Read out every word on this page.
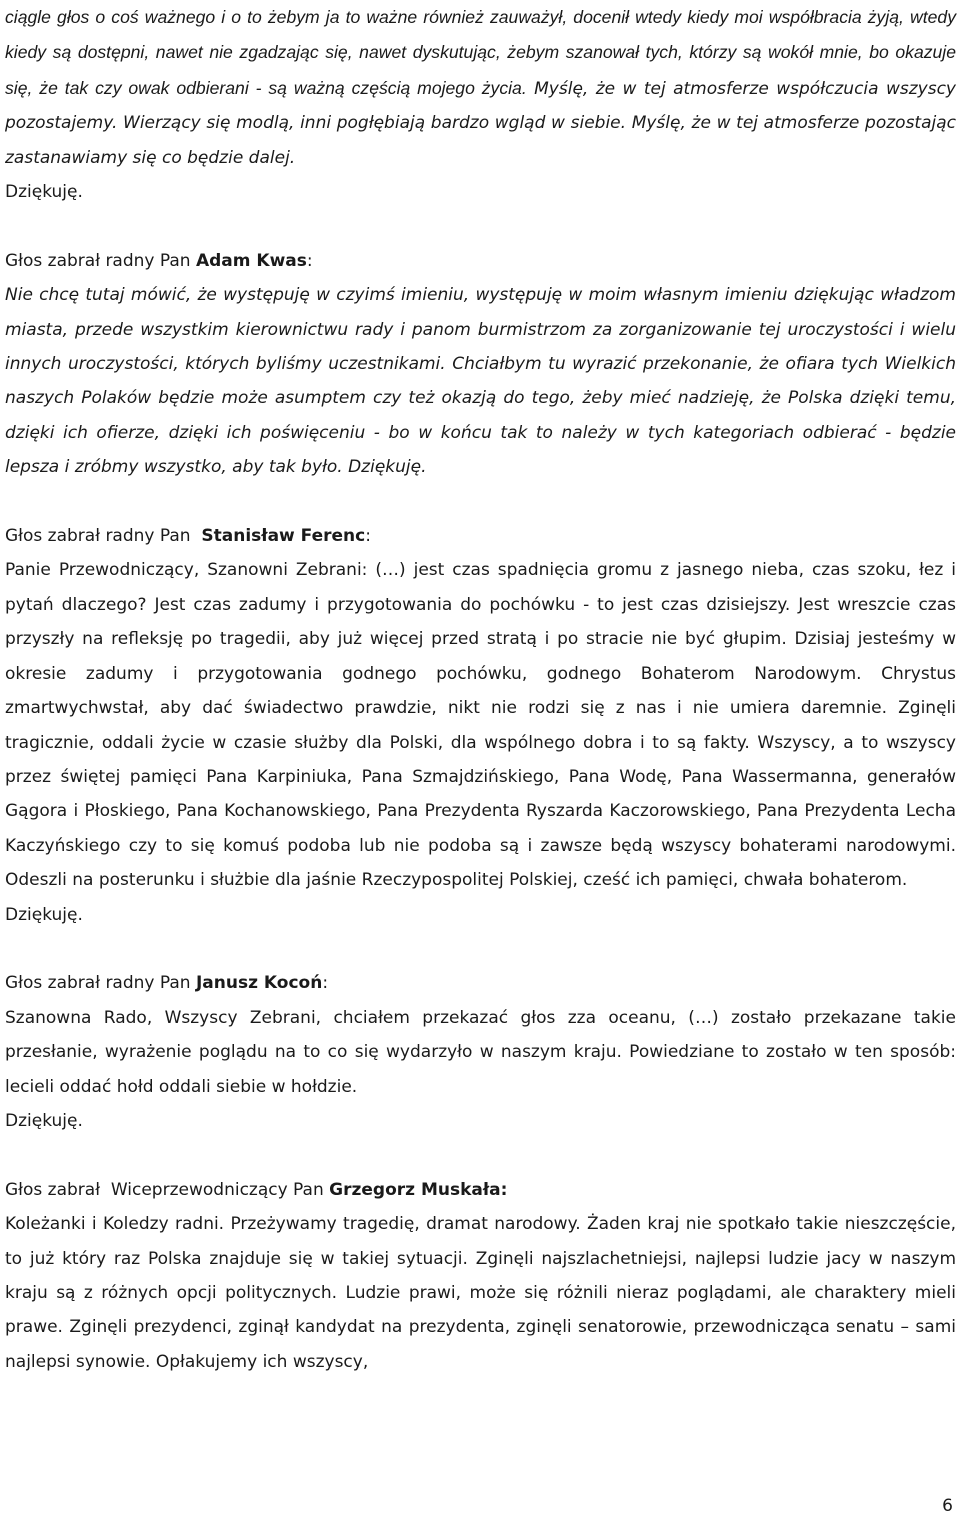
ciągle głos o coś ważnego i o to żebym ja to ważne również zauważył, docenił wtedy kiedy moi współbracia żyją, wtedy kiedy są dostępni, nawet nie zgadzając się, nawet dyskutując, żebym szanował tych, którzy są wokół mnie, bo okazuje się, że tak czy owak odbierani - są ważną częścią mojego życia. Myślę, że w tej atmosferze współczucia wszyscy pozostajemy. Wierzący się modlą, inni pogłębiają bardzo wgląd w siebie. Myślę, że w tej atmosferze pozostając zastanawiamy się co będzie dalej.

Dziękuję.

Głos zabrał radny Pan Adam Kwas:

Nie chcę tutaj mówić, że występuję w czyimś imieniu, występuję w moim własnym imieniu dziękując władzom miasta, przede wszystkim kierownictwu rady i panom burmistrzom za zorganizowanie tej uroczystości i wielu innych uroczystości, których byliśmy uczestnikami. Chciałbym tu wyrazić przekonanie, że ofiara tych Wielkich naszych Polaków będzie może asumptem czy też okazją do tego, żeby mieć nadzieję, że Polska dzięki temu, dzięki ich ofierze, dzięki ich poświęceniu - bo w końcu tak to należy w tych kategoriach odbierać - będzie lepsza i zróbmy wszystko, aby tak było. Dziękuję.

Głos zabrał radny Pan  Stanisław Ferenc:

Panie Przewodniczący, Szanowni Zebrani: (…) jest czas spadnięcia gromu z jasnego nieba, czas szoku, łez i pytań dlaczego? Jest czas zadumy i przygotowania do pochówku - to jest czas dzisiejszy. Jest wreszcie czas przyszły na refleksję po tragedii, aby już więcej przed stratą i po stracie nie być głupim. Dzisiaj jesteśmy w okresie zadumy i przygotowania godnego pochówku, godnego Bohaterom Narodowym. Chrystus zmartwychwstał, aby dać świadectwo prawdzie, nikt nie rodzi się z nas i nie umiera daremnie. Zginęli tragicznie, oddali życie w czasie służby dla Polski, dla wspólnego dobra i to są fakty. Wszyscy, a to wszyscy przez świętej pamięci Pana Karpiniuka, Pana Szmajdzińskiego, Pana Wodę, Pana Wassermanna, generałów Gągora i Płoskiego, Pana Kochanowskiego, Pana Prezydenta Ryszarda Kaczorowskiego, Pana Prezydenta Lecha Kaczyńskiego czy to się komuś podoba lub nie podoba są i zawsze będą wszyscy bohaterami narodowymi. Odeszli na posterunku i służbie dla jaśnie Rzeczypospolitej Polskiej, cześć ich pamięci, chwała bohaterom.

Dziękuję.

Głos zabrał radny Pan Janusz Kocoń:

Szanowna Rado, Wszyscy Zebrani, chciałem przekazać głos zza oceanu, (…) zostało przekazane takie przesłanie, wyrażenie poglądu na to co się wydarzyło w naszym kraju. Powiedziane to zostało w ten sposób: lecieli oddać hołd oddali siebie w hołdzie.

Dziękuję.

Głos zabrał  Wiceprzewodniczący Pan Grzegorz Muskała:

Koleżanki i Koledzy radni. Przeżywamy tragedię, dramat narodowy. Żaden kraj nie spotkało takie nieszczęście, to już który raz Polska znajduje się w takiej sytuacji. Zginęli najszlachetniejsi, najlepsi ludzie jacy w naszym kraju są z różnych opcji politycznych. Ludzie prawi, może się różnili nieraz poglądami, ale charaktery mieli prawe. Zginęli prezydenci, zginął kandydat na prezydenta, zginęli senatorowie, przewodnicząca senatu – sami najlepsi synowie. Opłakujemy ich wszyscy,

6
